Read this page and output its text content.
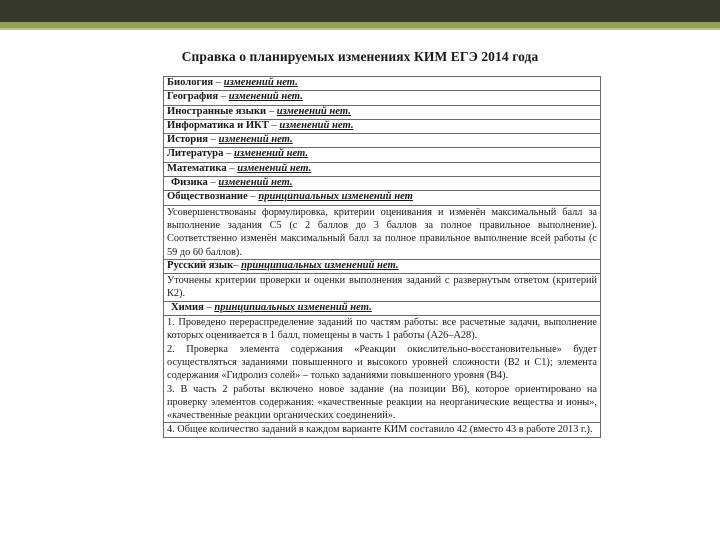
Справка о планируемых изменениях КИМ ЕГЭ 2014 года
Биология – изменений нет.
География – изменений нет.
Иностранные языки – изменений нет.
Информатика и ИКТ – изменений нет.
История – изменений нет.
Литература – изменений нет.
Математика – изменений нет.
Физика – изменений нет.
Обществознание – принципиальных изменений нет

Усовершенствованы формулировка, критерии оценивания и изменён максимальный балл за выполнение задания С5 (с 2 баллов до 3 баллов за полное правильное выполнение). Соответственно изменён максимальный балл за полное правильное выполнение всей работы (с 59 до 60 баллов).

Русский язык– принципиальных изменений нет.

Уточнены критерии проверки и оценки выполнения заданий с развернутым ответом (критерий К2).

Химия – принципиальных изменений нет.

1. Проведено перераспределение заданий по частям работы: все расчетные задачи, выполнение которых оценивается в 1 балл, помещены в часть 1 работы (А26–А28).

2. Проверка элемента содержания «Реакции окислительно-восстановительные» будет осуществляться заданиями повышенного и высокого уровней сложности (В2 и С1); элемента содержания «Гидролиз солей» – только заданиями повышенного уровня (В4).

3. В часть 2 работы включено новое задание (на позиции В6), которое ориентировано на проверку элементов содержания: «качественные реакции на неорганические вещества и ионы», «качественные реакции органических соединений».

4. Общее количество заданий в каждом варианте КИМ составило 42 (вместо 43 в работе 2013 г.).
